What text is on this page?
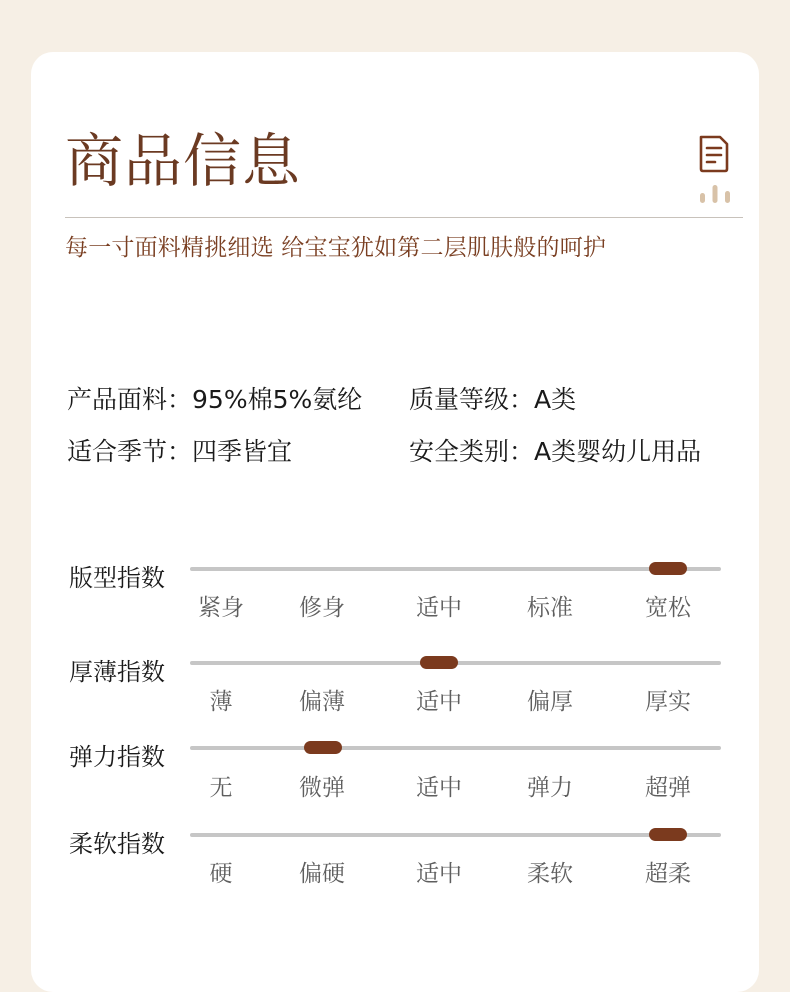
商品信息
每一寸面料精挑细选 给宝宝犹如第二层肌肤般的呵护
产品面料：95%棉5%氨纶 质量等级：A类
适合季节：四季皆宜	安全类别：A类婴幼儿用品
版型指数
紧身 修身	适中	标准	宽松
厚薄指数
薄	偏薄	适中	偏厚	厚实
弹力指数
无	微弹	适中	弹力	超弹
柔软指数
硬	偏硬	适中	柔软	超柔
